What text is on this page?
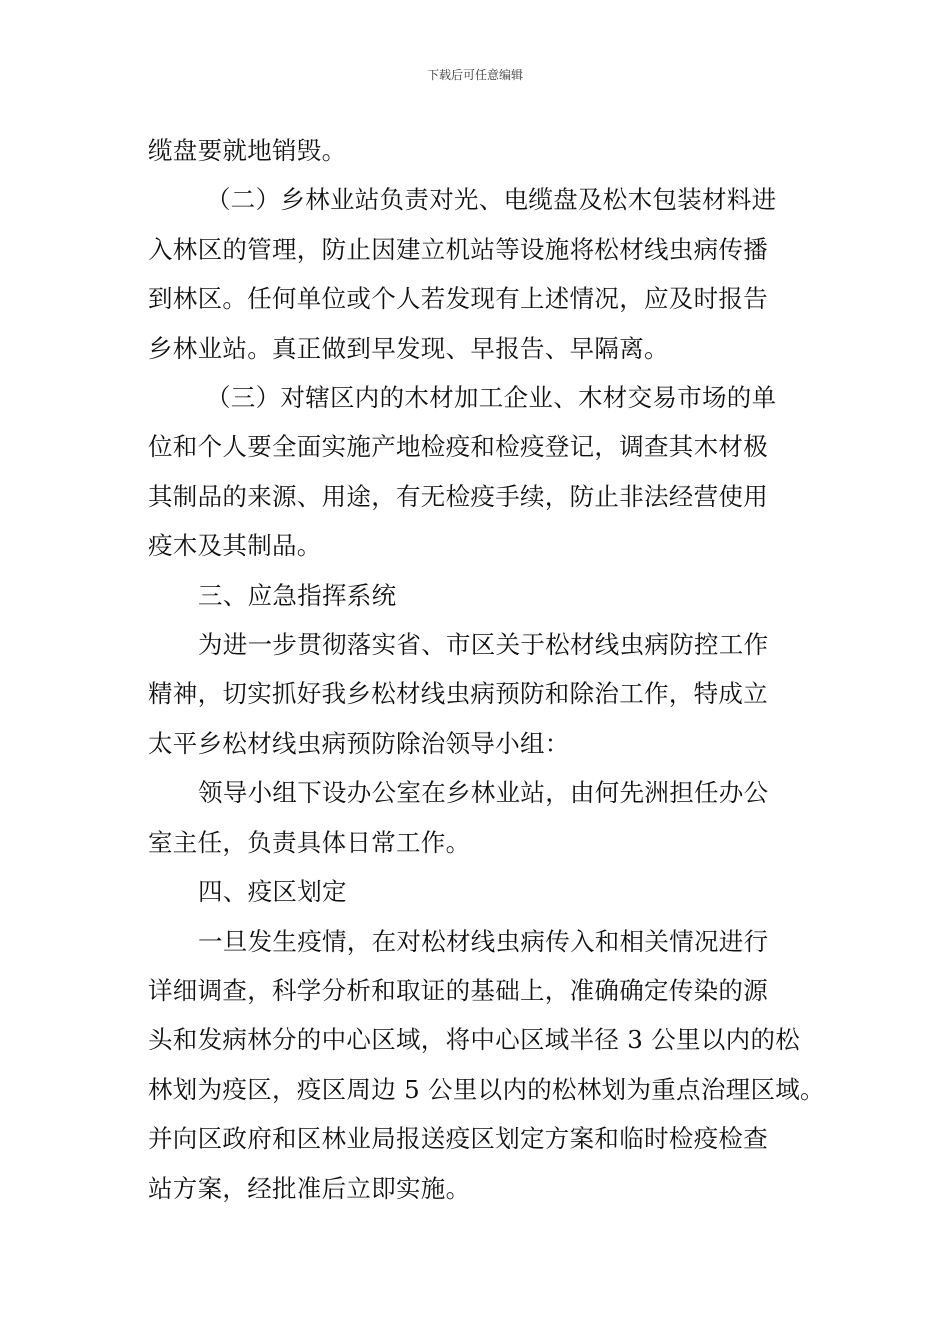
下载后可任意编辑

缆盘要就地销毁。

（二）乡林业站负责对光、电缆盘及松木包装材料进

入林区的管理，防止因建立机站等设施将松材线虫病传播

到林区。任何单位或个人若发现有上述情况，应及时报告

乡林业站。真正做到早发现、早报告、早隔离。

（三）对辖区内的木材加工企业、木材交易市场的单

位和个人要全面实施产地检疫和检疫登记，调查其木材极

其制品的来源、用途，有无检疫手续，防止非法经营使用

疫木及其制品。

三、应急指挥系统

为进一步贯彻落实省、市区关于松材线虫病防控工作

精神，切实抓好我乡松材线虫病预防和除治工作，特成立

太平乡松材线虫病预防除治领导小组：

领导小组下设办公室在乡林业站，由何先洲担任办公

室主任，负责具体日常工作。

四、疫区划定

一旦发生疫情，在对松材线虫病传入和相关情况进行

详细调查，科学分析和取证的基础上，准确确定传染的源

头和发病林分的中心区域，将中心区域半径 3 公里以内的松

林划为疫区，疫区周边 5 公里以内的松林划为重点治理区域。

并向区政府和区林业局报送疫区划定方案和临时检疫检查

站方案，经批准后立即实施。
